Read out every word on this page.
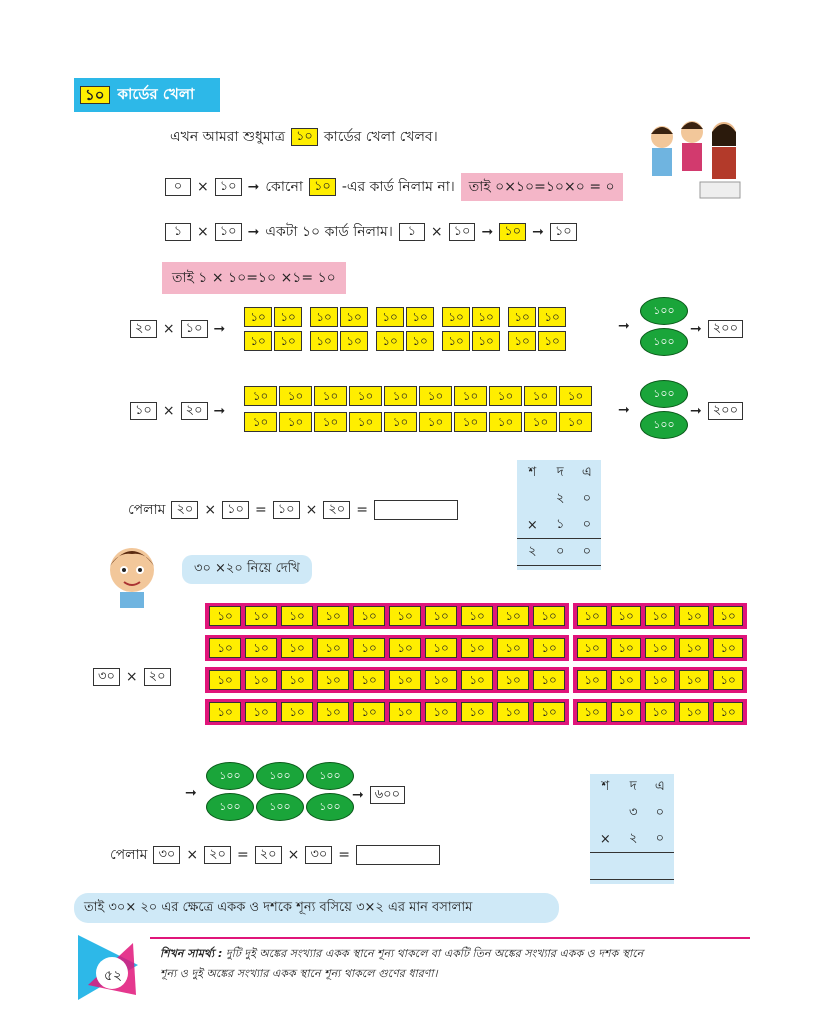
১০ কার্ডের খেলা
এখন আমরা শুধুমাত্র ১০ কার্ডের খেলা খেলব।
০	× ১০ ➞ কোনো ১০ -এর কার্ড নিলাম না।	তাই ০×১০=১০×০ = ০
১	× ১০ ➞ একটা ১০ কার্ড নিলাম।	১	× ১০ ➞ ১০ ➞ ১০
তাই ১ × ১০=১০ ×১= ১০
২০ × ১০ ➞
১০	১০	১০	১০	১০	১০	১০	১০	১০	১০
১০	১০	১০	১০	১০	১০	১০	১০	১০	১০
➞
১০০
১০০
➞ ২০০
১০ × ২০ ➞
১০	১০	১০	১০	১০	১০	১০	১০	১০	১০
১০	১০	১০	১০	১০	১০	১০	১০	১০	১০
➞
১০০
১০০
➞ ২০০
পেলাম ২০ × ১০ = ১০ × ২০ =
শ	দ	এ
	২	০
×	১	০
২	০	০
৩০ ×২০ নিয়ে দেখি
৩০ × ২০
১০	১০	১০	১০	১০	১০	১০	১০	১০	১০	১০	১০	১০	১০	১০
১০	১০	১০	১০	১০	১০	১০	১০	১০	১০	১০	১০	১০	১০	১০
১০	১০	১০	১০	১০	১০	১০	১০	১০	১০	১০	১০	১০	১০	১০
১০	১০	১০	১০	১০	১০	১০	১০	১০	১০	১০	১০	১০	১০	১০
➞
১০০	১০০	১০০
১০০	১০০	১০০
➞ ৬০০
পেলাম ৩০ × ২০ = ২০ × ৩০ =
শ	দ	এ
	৩	০
×	২	০

তাই ৩০× ২০ এর ক্ষেত্রে একক ও দশকে শূন্য বসিয়ে ৩×২ এর মান বসালাম
৫২
শিখন সামর্থ্য : দুটি দুই অঙ্কের সংখ্যার একক স্থানে শূন্য থাকলে বা একটি তিন অঙ্কের সংখ্যার একক ও দশক স্থানে
শূন্য ও দুই অঙ্কের সংখ্যার একক স্থানে শূন্য থাকলে গুণের ধারণা।
